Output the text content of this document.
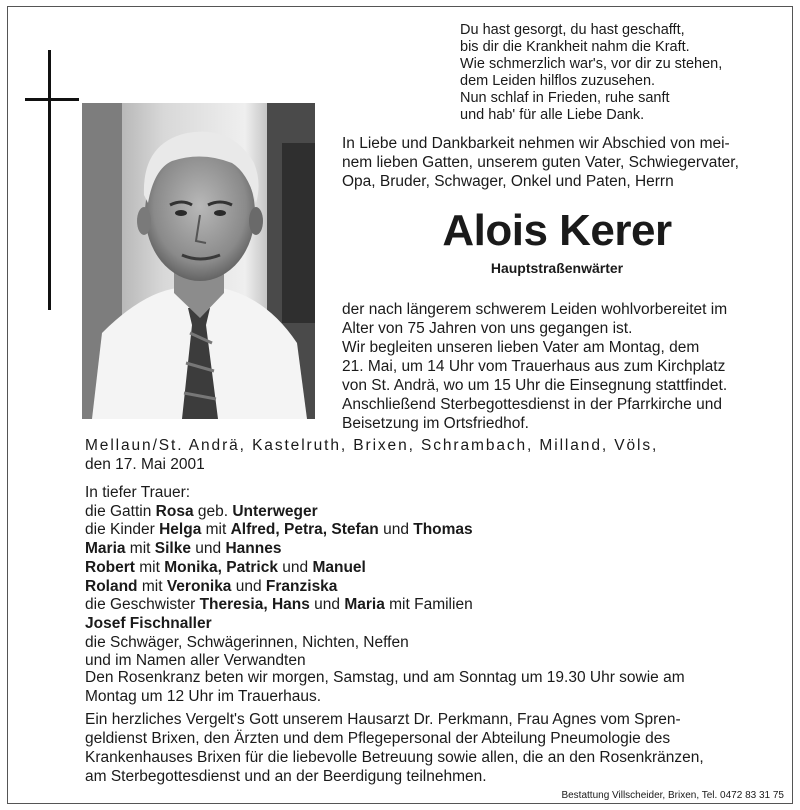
Du hast gesorgt, du hast geschafft,
bis dir die Krankheit nahm die Kraft.
Wie schmerzlich war's, vor dir zu stehen,
dem Leiden hilflos zuzusehen.
Nun schlaf in Frieden, ruhe sanft
und hab' für alle Liebe Dank.
In Liebe und Dankbarkeit nehmen wir Abschied von mei-
nem lieben Gatten, unserem guten Vater, Schwiegervater,
Opa, Bruder, Schwager, Onkel und Paten, Herrn
Alois Kerer
Hauptstraßenwärter
der nach längerem schwerem Leiden wohlvorbereitet im
Alter von 75 Jahren von uns gegangen ist.
Wir begleiten unseren lieben Vater am Montag, dem
21. Mai, um 14 Uhr vom Trauerhaus aus zum Kirchplatz
von St. Andrä, wo um 15 Uhr die Einsegnung stattfindet.
Anschließend Sterbegottesdienst in der Pfarrkirche und
Beisetzung im Ortsfriedhof.
Mellaun/St. Andrä, Kastelruth, Brixen, Schrambach, Milland, Völs,
den 17. Mai 2001
In tiefer Trauer:
die Gattin Rosa geb. Unterweger
die Kinder Helga mit Alfred, Petra, Stefan und Thomas
Maria mit Silke und Hannes
Robert mit Monika, Patrick und Manuel
Roland mit Veronika und Franziska
die Geschwister Theresia, Hans und Maria mit Familien
Josef Fischnaller
die Schwäger, Schwägerinnen, Nichten, Neffen
und im Namen aller Verwandten
Den Rosenkranz beten wir morgen, Samstag, und am Sonntag um 19.30 Uhr sowie am
Montag um 12 Uhr im Trauerhaus.
Ein herzliches Vergelt's Gott unserem Hausarzt Dr. Perkmann, Frau Agnes vom Spren-
geldienst Brixen, den Ärzten und dem Pflegepersonal der Abteilung Pneumologie des
Krankenhauses Brixen für die liebevolle Betreuung sowie allen, die an den Rosenkränzen,
am Sterbegottesdienst und an der Beerdigung teilnehmen.
Bestattung Villscheider, Brixen, Tel. 0472 83 31 75
